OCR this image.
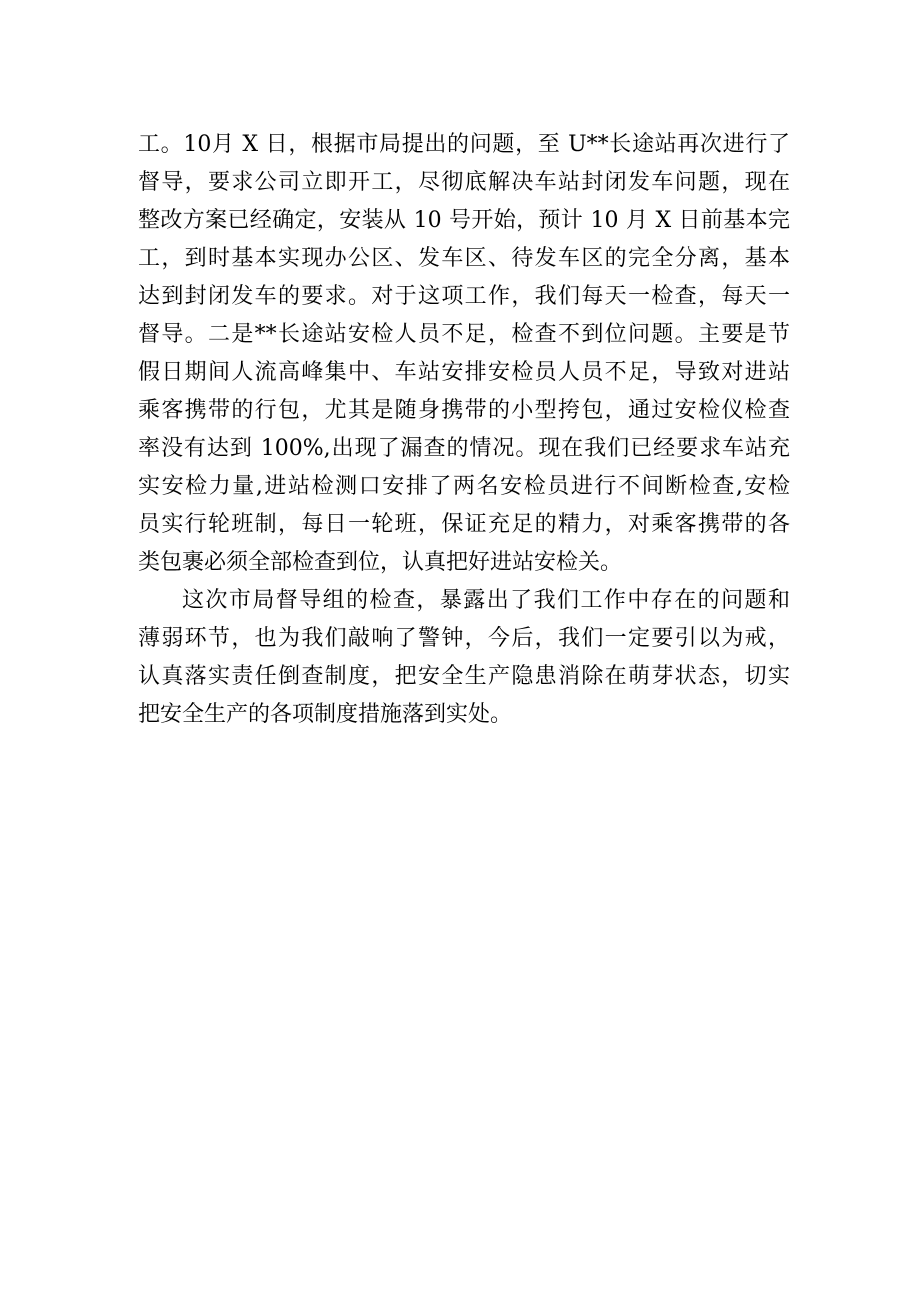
工。10月 X 日，根据市局提出的问题，至 U**长途站再次进行了
督导，要求公司立即开工，尽彻底解决车站封闭发车问题，现在
整改方案已经确定，安装从 10 号开始，预计 10 月 X 日前基本完
工，到时基本实现办公区、发车区、待发车区的完全分离，基本
达到封闭发车的要求。对于这项工作，我们每天一检查，每天一
督导。二是**长途站安检人员不足，检查不到位问题。主要是节
假日期间人流高峰集中、车站安排安检员人员不足，导致对进站
乘客携带的行包，尤其是随身携带的小型挎包，通过安检仪检查
率没有达到 100%,出现了漏查的情况。现在我们已经要求车站充
实安检力量,进站检测口安排了两名安检员进行不间断检查,安检
员实行轮班制，每日一轮班，保证充足的精力，对乘客携带的各
类包裹必须全部检查到位，认真把好进站安检关。
这次市局督导组的检查，暴露出了我们工作中存在的问题和
薄弱环节，也为我们敲响了警钟，今后，我们一定要引以为戒，
认真落实责任倒查制度，把安全生产隐患消除在萌芽状态，切实
把安全生产的各项制度措施落到实处。
